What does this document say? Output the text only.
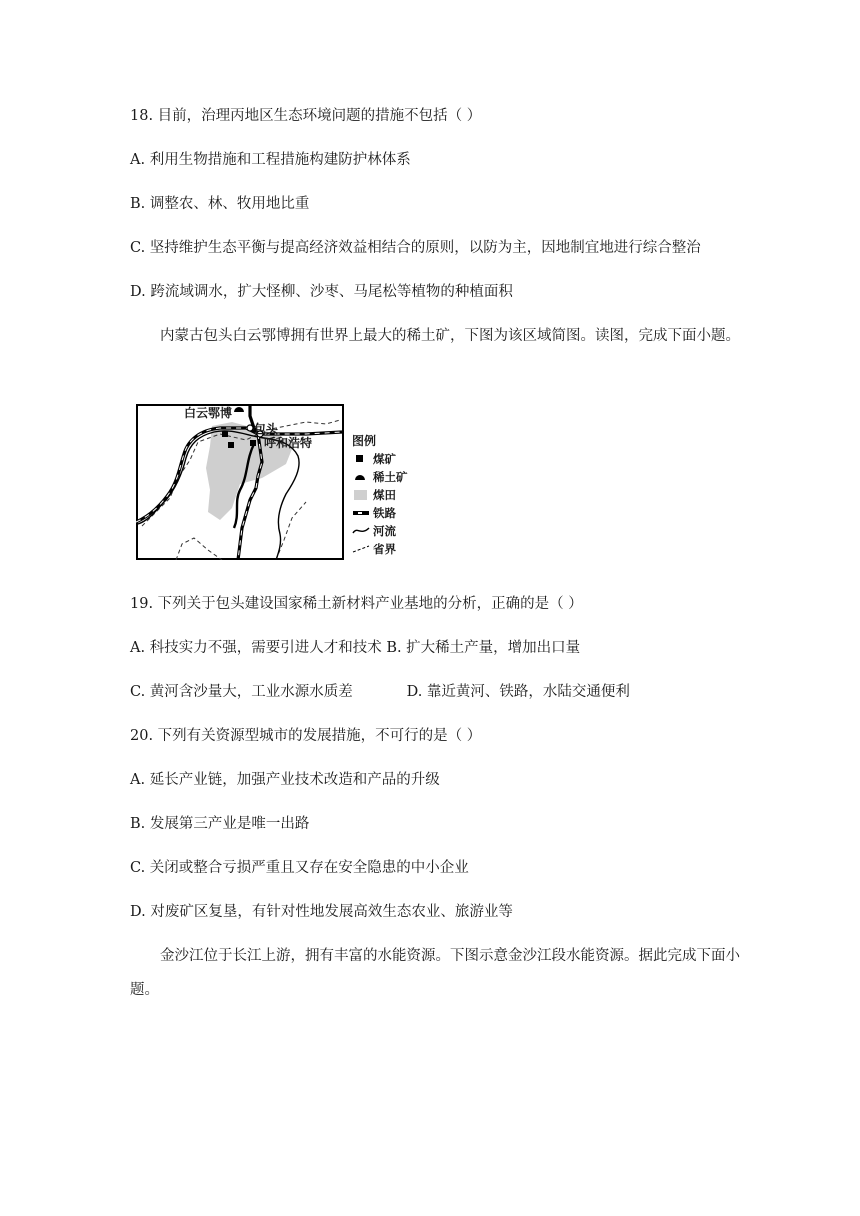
18. 目前，治理丙地区生态环境问题的措施不包括（ ）
A. 利用生物措施和工程措施构建防护林体系
B. 调整农、林、牧用地比重
C. 坚持维护生态平衡与提高经济效益相结合的原则，以防为主，因地制宜地进行综合整治
D. 跨流域调水，扩大怪柳、沙枣、马尾松等植物的种植面积
内蒙古包头白云鄂博拥有世界上最大的稀土矿，下图为该区域简图。读图，完成下面小题。
白云鄂博
包头
呼和浩特	图例
煤矿
稀土矿
煤田
铁路
河流
省界
19. 下列关于包头建设国家稀土新材料产业基地的分析，正确的是（ ）
A. 科技实力不强，需要引进人才和技术 B. 扩大稀土产量，增加出口量
C. 黄河含沙量大，工业水源水质差	D. 靠近黄河、铁路，水陆交通便利
20. 下列有关资源型城市的发展措施，不可行的是（ ）
A. 延长产业链，加强产业技术改造和产品的升级
B. 发展第三产业是唯一出路
C. 关闭或整合亏损严重且又存在安全隐患的中小企业
D. 对废矿区复垦，有针对性地发展高效生态农业、旅游业等
金沙江位于长江上游，拥有丰富的水能资源。下图示意金沙江段水能资源。据此完成下面小题。
